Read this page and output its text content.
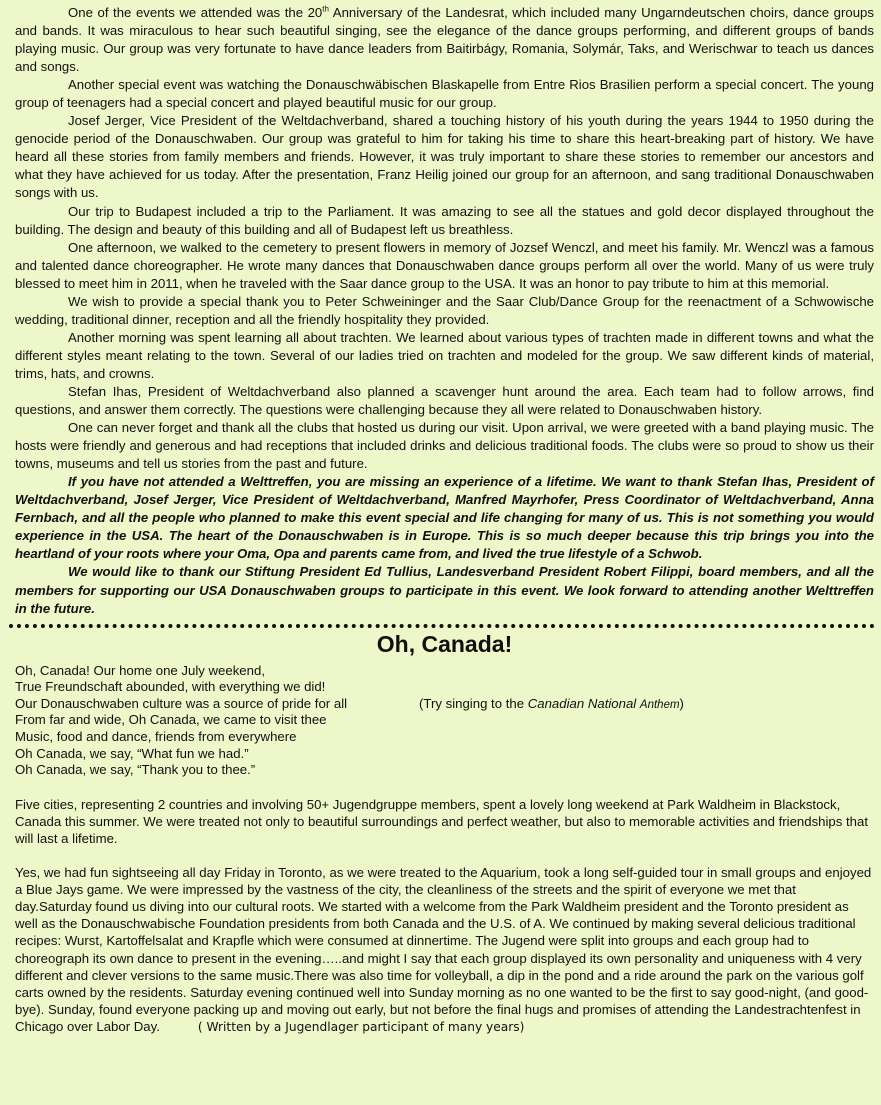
One of the events we attended was the 20th Anniversary of the Landesrat, which included many Ungarndeutschen choirs, dance groups and bands. It was miraculous to hear such beautiful singing, see the elegance of the dance groups performing, and different groups of bands playing music. Our group was very fortunate to have dance leaders from Baitirbágy, Romania, Solymár, Taks, and Werischwar to teach us dances and songs.

Another special event was watching the Donauschwäbischen Blaskapelle from Entre Rios Brasilien perform a special concert. The young group of teenagers had a special concert and played beautiful music for our group.

Josef Jerger, Vice President of the Weltdachverband, shared a touching history of his youth during the years 1944 to 1950 during the genocide period of the Donauschwaben. Our group was grateful to him for taking his time to share this heart-breaking part of history. We have heard all these stories from family members and friends. However, it was truly important to share these stories to remember our ancestors and what they have achieved for us today. After the presentation, Franz Heilig joined our group for an afternoon, and sang traditional Donauschwaben songs with us.

Our trip to Budapest included a trip to the Parliament. It was amazing to see all the statues and gold decor displayed throughout the building. The design and beauty of this building and all of Budapest left us breathless.

One afternoon, we walked to the cemetery to present flowers in memory of Jozsef Wenczl, and meet his family. Mr. Wenczl was a famous and talented dance choreographer. He wrote many dances that Donauschwaben dance groups perform all over the world. Many of us were truly blessed to meet him in 2011, when he traveled with the Saar dance group to the USA. It was an honor to pay tribute to him at this memorial.

We wish to provide a special thank you to Peter Schweininger and the Saar Club/Dance Group for the reenactment of a Schwowische wedding, traditional dinner, reception and all the friendly hospitality they provided.

Another morning was spent learning all about trachten. We learned about various types of trachten made in different towns and what the different styles meant relating to the town. Several of our ladies tried on trachten and modeled for the group. We saw different kinds of material, trims, hats, and crowns.

Stefan Ihas, President of Weltdachverband also planned a scavenger hunt around the area. Each team had to follow arrows, find questions, and answer them correctly. The questions were challenging because they all were related to Donauschwaben history.

One can never forget and thank all the clubs that hosted us during our visit. Upon arrival, we were greeted with a band playing music. The hosts were friendly and generous and had receptions that included drinks and delicious traditional foods. The clubs were so proud to show us their towns, museums and tell us stories from the past and future.

If you have not attended a Welttreffen, you are missing an experience of a lifetime. We want to thank Stefan Ihas, President of Weltdachverband, Josef Jerger, Vice President of Weltdachverband, Manfred Mayrhofer, Press Coordinator of Weltdachverband, Anna Fernbach, and all the people who planned to make this event special and life changing for many of us. This is not something you would experience in the USA. The heart of the Donauschwaben is in Europe. This is so much deeper because this trip brings you into the heartland of your roots where your Oma, Opa and parents came from, and lived the true lifestyle of a Schwob.

We would like to thank our Stiftung President Ed Tullius, Landesverband President Robert Filippi, board members, and all the members for supporting our USA Donauschwaben groups to participate in this event. We look forward to attending another Welttreffen in the future.

Oh, Canada!

Oh, Canada! Our home one July weekend,

True Freundschaft abounded, with everything we did!

Our Donauschwaben culture was a source of pride for all

From far and wide, Oh Canada, we came to visit thee

Music, food and dance, friends from everywhere

Oh Canada, we say, “What fun we had.”

Oh Canada, we say, “Thank you to thee.”

(Try singing to the Canadian National Anthem)

Five cities, representing 2 countries and involving 50+ Jugendgruppe members, spent a lovely long weekend at Park Waldheim in Blackstock, Canada this summer. We were treated not only to beautiful surroundings and perfect weather, but also to memorable activities and friendships that will last a lifetime.

Yes, we had fun sightseeing all day Friday in Toronto, as we were treated to the Aquarium, took a long self-guided tour in small groups and enjoyed a Blue Jays game. We were impressed by the vastness of the city, the cleanliness of the streets and the spirit of everyone we met that day.Saturday found us diving into our cultural roots. We started with a welcome from the Park Waldheim president and the Toronto president as well as the Donauschwabische Foundation presidents from both Canada and the U.S. of A. We continued by making several delicious traditional recipes: Wurst, Kartoffelsalat and Krapfle which were consumed at dinnertime. The Jugend were split into groups and each group had to choreograph its own dance to present in the evening…..and might I say that each group displayed its own personality and uniqueness with 4 very different and clever versions to the same music.There was also time for volleyball, a dip in the pond and a ride around the park on the various golf carts owned by the residents. Saturday evening continued well into Sunday morning as no one wanted to be the first to say good-night, (and good-bye). Sunday, found everyone packing up and moving out early, but not before the final hugs and promises of attending the Landestrachtenfest in Chicago over Labor Day.	( Written by a Jugendlager participant of many years)
